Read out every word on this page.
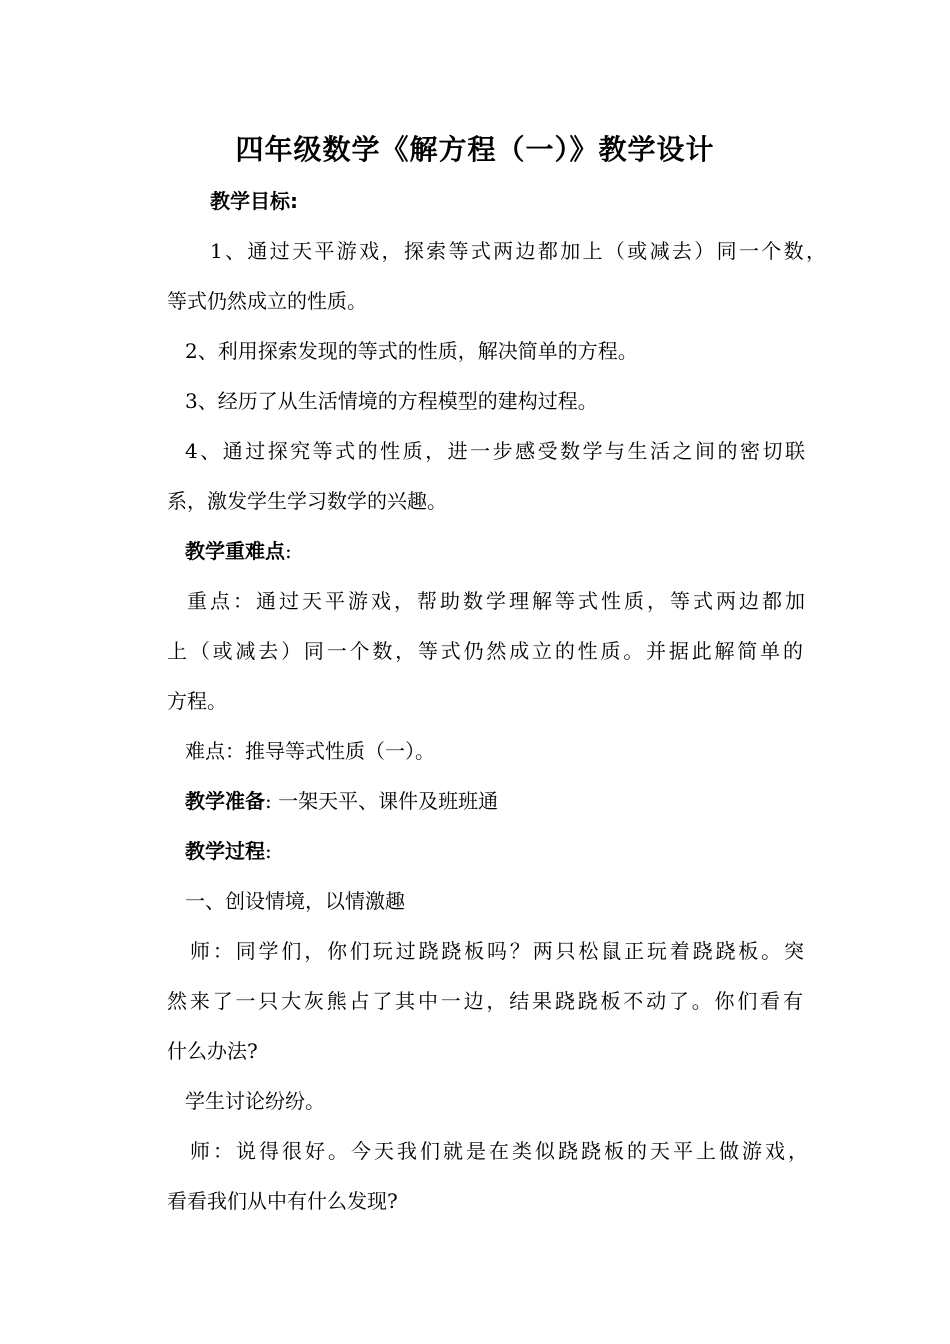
四年级数学《解方程（一）》教学设计
教学目标:
1、通过天平游戏，探索等式两边都加上（或减去）同一个数，
等式仍然成立的性质。
2、利用探索发现的等式的性质，解决简单的方程。
3、经历了从生活情境的方程模型的建构过程。
4、通过探究等式的性质，进一步感受数学与生活之间的密切联
系，激发学生学习数学的兴趣。
教学重难点:
重点：通过天平游戏，帮助数学理解等式性质，等式两边都加
上（或减去）同一个数，等式仍然成立的性质。并据此解简单的
方程。
难点：推导等式性质（一）。
教学准备: 一架天平、课件及班班通
教学过程:
一、创设情境，以情激趣
师：同学们，你们玩过跷跷板吗？两只松鼠正玩着跷跷板。突
然来了一只大灰熊占了其中一边，结果跷跷板不动了。你们看有
什么办法?
学生讨论纷纷。
师：说得很好。今天我们就是在类似跷跷板的天平上做游戏，
看看我们从中有什么发现?
